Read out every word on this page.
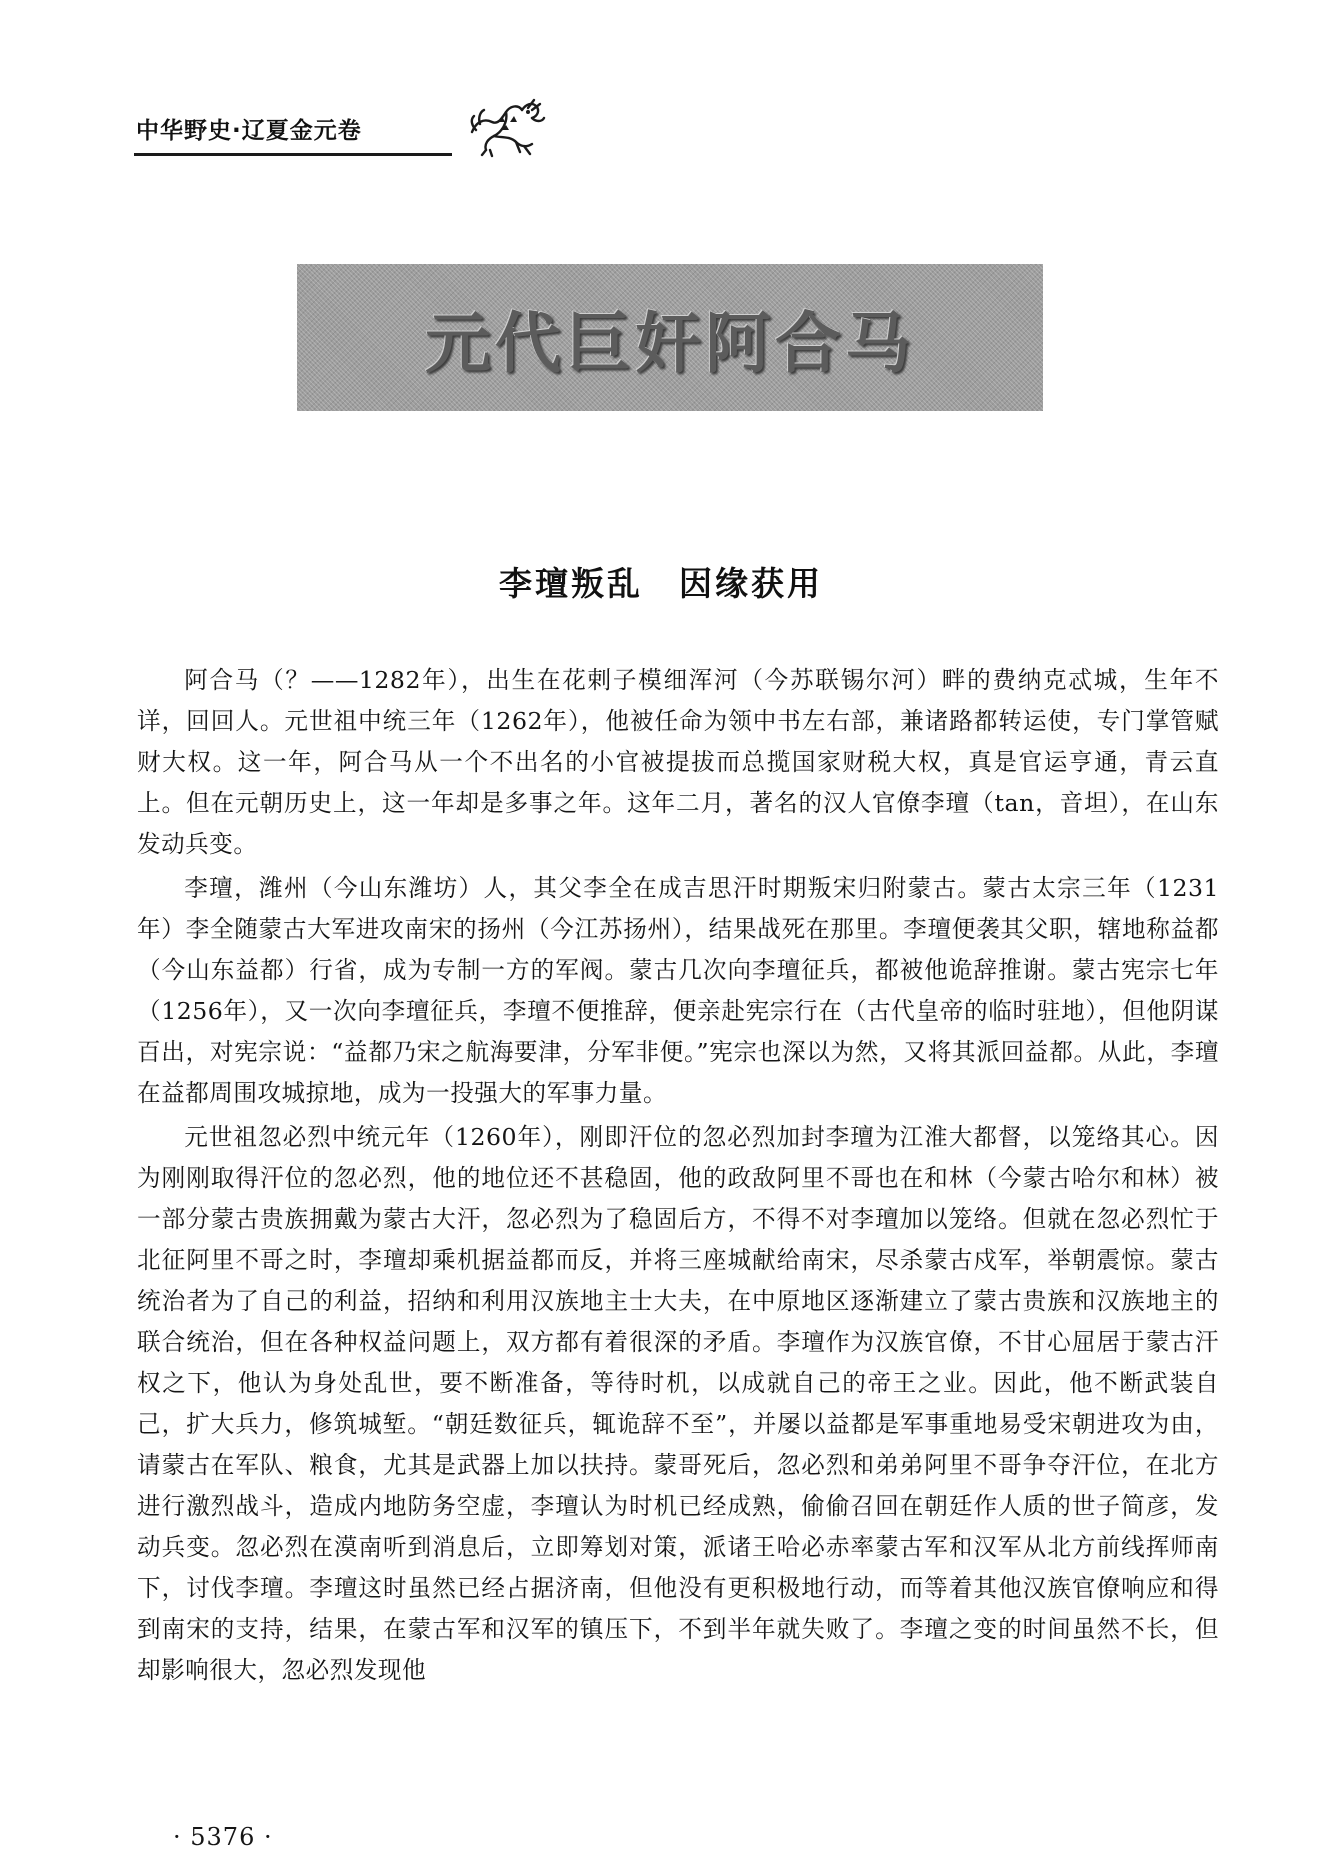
中华野史·辽夏金元卷
元代巨奸阿合马
李璮叛乱　因缘获用

阿合马（？——1282年），出生在花剌子模细浑河（今苏联锡尔河）畔的费纳克忒城，生年不详，回回人。元世祖中统三年（1262年），他被任命为领中书左右部，兼诸路都转运使，专门掌管赋财大权。这一年，阿合马从一个不出名的小官被提拔而总揽国家财税大权，真是官运亨通，青云直上。但在元朝历史上，这一年却是多事之年。这年二月，著名的汉人官僚李璮（tan，音坦），在山东发动兵变。

李璮，潍州（今山东潍坊）人，其父李全在成吉思汗时期叛宋归附蒙古。蒙古太宗三年（1231年）李全随蒙古大军进攻南宋的扬州（今江苏扬州），结果战死在那里。李璮便袭其父职，辖地称益都（今山东益都）行省，成为专制一方的军阀。蒙古几次向李璮征兵，都被他诡辞推谢。蒙古宪宗七年（1256年），又一次向李璮征兵，李璮不便推辞，便亲赴宪宗行在（古代皇帝的临时驻地），但他阴谋百出，对宪宗说：“益都乃宋之航海要津，分军非便。”宪宗也深以为然，又将其派回益都。从此，李璮在益都周围攻城掠地，成为一投强大的军事力量。

元世祖忽必烈中统元年（1260年），刚即汗位的忽必烈加封李璮为江淮大都督，以笼络其心。因为刚刚取得汗位的忽必烈，他的地位还不甚稳固，他的政敌阿里不哥也在和林（今蒙古哈尔和林）被一部分蒙古贵族拥戴为蒙古大汗，忽必烈为了稳固后方，不得不对李璮加以笼络。但就在忽必烈忙于北征阿里不哥之时，李璮却乘机据益都而反，并将三座城献给南宋，尽杀蒙古戍军，举朝震惊。蒙古统治者为了自己的利益，招纳和利用汉族地主士大夫，在中原地区逐渐建立了蒙古贵族和汉族地主的联合统治，但在各种权益问题上，双方都有着很深的矛盾。李璮作为汉族官僚，不甘心屈居于蒙古汗权之下，他认为身处乱世，要不断准备，等待时机，以成就自己的帝王之业。因此，他不断武装自己，扩大兵力，修筑城堑。“朝廷数征兵，辄诡辞不至”，并屡以益都是军事重地易受宋朝进攻为由，请蒙古在军队、粮食，尤其是武器上加以扶持。蒙哥死后，忽必烈和弟弟阿里不哥争夺汗位，在北方进行激烈战斗，造成内地防务空虚，李璮认为时机已经成熟，偷偷召回在朝廷作人质的世子简彦，发动兵变。忽必烈在漠南听到消息后，立即筹划对策，派诸王哈必赤率蒙古军和汉军从北方前线挥师南下，讨伐李璮。李璮这时虽然已经占据济南，但他没有更积极地行动，而等着其他汉族官僚响应和得到南宋的支持，结果，在蒙古军和汉军的镇压下，不到半年就失败了。李璮之变的时间虽然不长，但却影响很大，忽必烈发现他

· 5376 ·
